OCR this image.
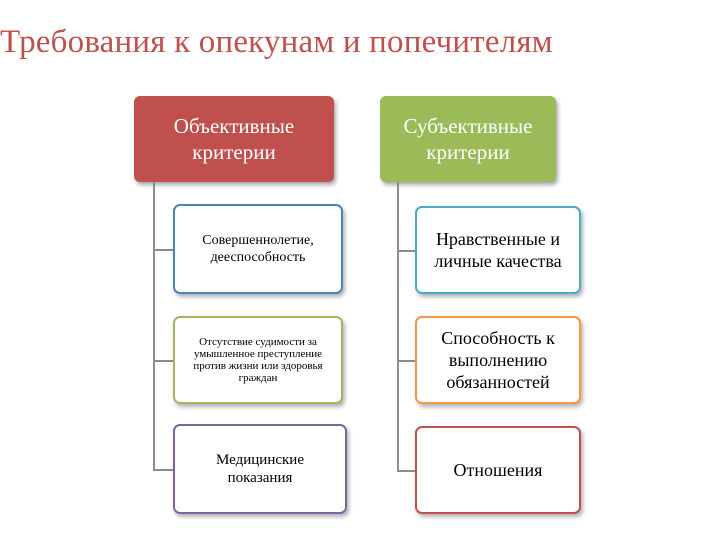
Требования к опекунам и попечителям
Объективные критерии
Субъективные критерии
Совершеннолетие, дееспособность
Отсутствие судимости за умышленное преступление против жизни или здоровья граждан
Медицинские показания
Нравственные и личные качества
Способность к выполнению обязанностей
Отношения
